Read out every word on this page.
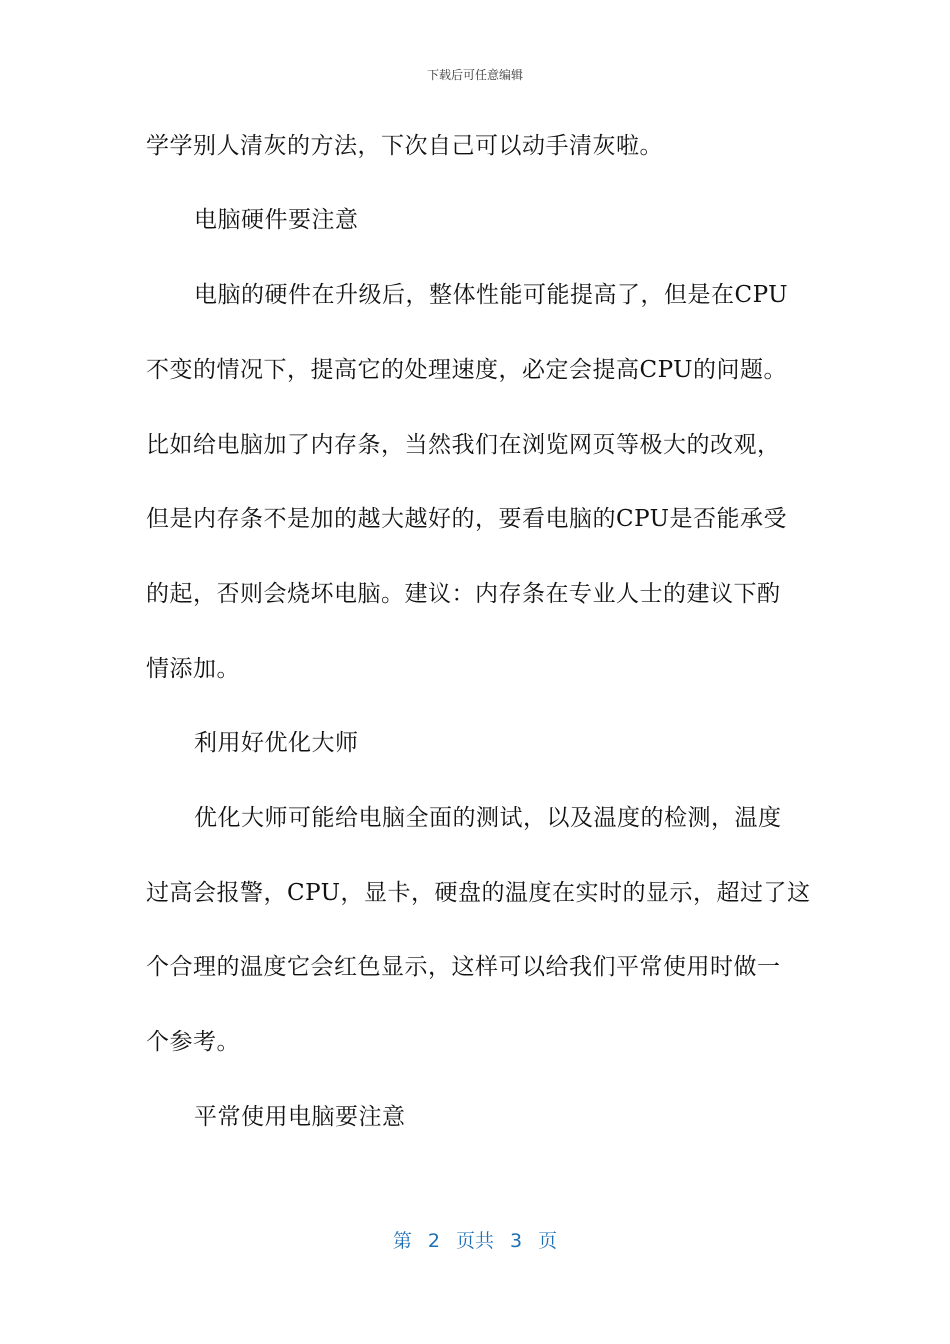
下载后可任意编辑
学学别人清灰的方法，下次自己可以动手清灰啦。
电脑硬件要注意
电脑的硬件在升级后，整体性能可能提高了，但是在CPU
不变的情况下，提高它的处理速度，必定会提高CPU的问题。
比如给电脑加了内存条，当然我们在浏览网页等极大的改观，
但是内存条不是加的越大越好的，要看电脑的CPU是否能承受
的起，否则会烧坏电脑。建议：内存条在专业人士的建议下酌
情添加。
利用好优化大师
优化大师可能给电脑全面的测试，以及温度的检测，温度
过高会报警，CPU，显卡，硬盘的温度在实时的显示，超过了这
个合理的温度它会红色显示，这样可以给我们平常使用时做一
个参考。
平常使用电脑要注意
第 2 页共 3 页
